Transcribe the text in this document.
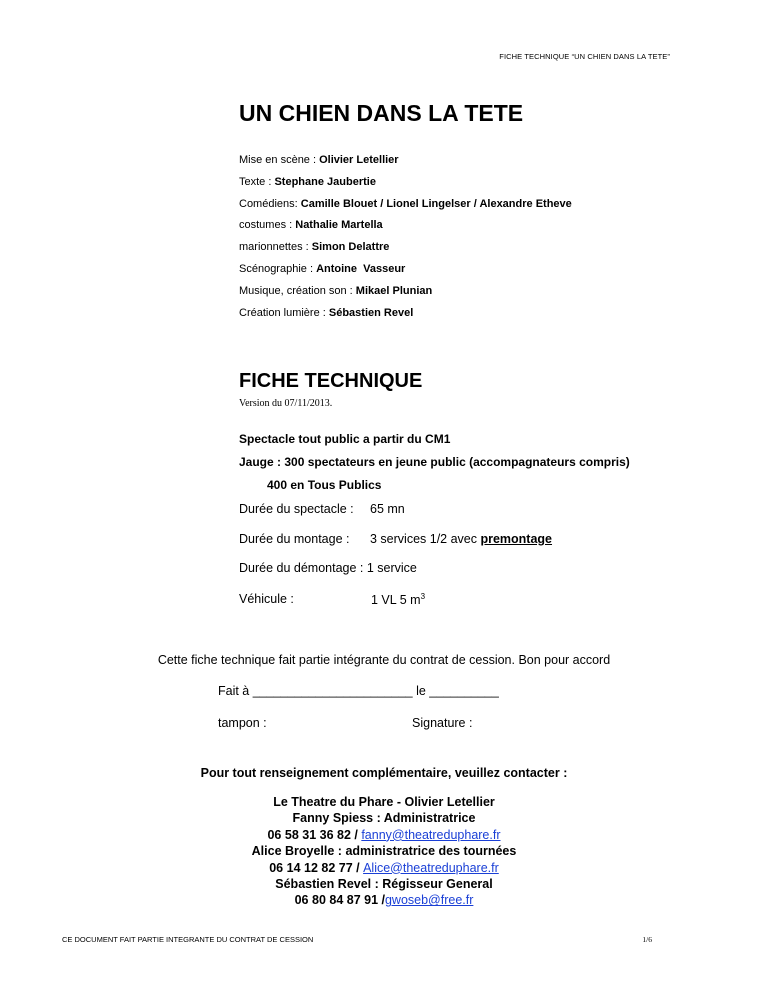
FICHE TECHNIQUE “UN CHIEN DANS LA TETE”
UN CHIEN DANS LA TETE
Mise en scène : Olivier Letellier
Texte : Stephane Jaubertie
Comédiens: Camille Blouet / Lionel Lingelser / Alexandre Etheve
costumes : Nathalie Martella
marionnettes : Simon Delattre
Scénographie : Antoine  Vasseur
Musique, création son : Mikael Plunian
Création lumière : Sébastien Revel
FICHE TECHNIQUE
Version du 07/11/2013.
Spectacle tout public a partir du CM1
Jauge : 300 spectateurs en jeune public (accompagnateurs compris)
400 en Tous Publics
Durée du spectacle : 65 mn
Durée du montage : 3 services 1/2 avec premontage
Durée du démontage : 1 service
Véhicule :	1 VL 5 $m^3$
Cette fiche technique fait partie intégrante du contrat de cession. Bon pour accord
Fait à _______________________ le __________
tampon :	Signature :
Pour tout renseignement complémentaire, veuillez contacter :
Le Theatre du Phare - Olivier Letellier
Fanny Spiess : Administratrice
06 58 31 36 82 / fanny@theatreduphare.fr
Alice Broyelle : administratrice des tournées
06 14 12 82 77 / Alice@theatreduphare.fr
Sébastien Revel : Régisseur General
06 80 84 87 91 /gwoseb@free.fr
CE DOCUMENT FAIT PARTIE INTEGRANTE DU CONTRAT DE CESSION	1/6
